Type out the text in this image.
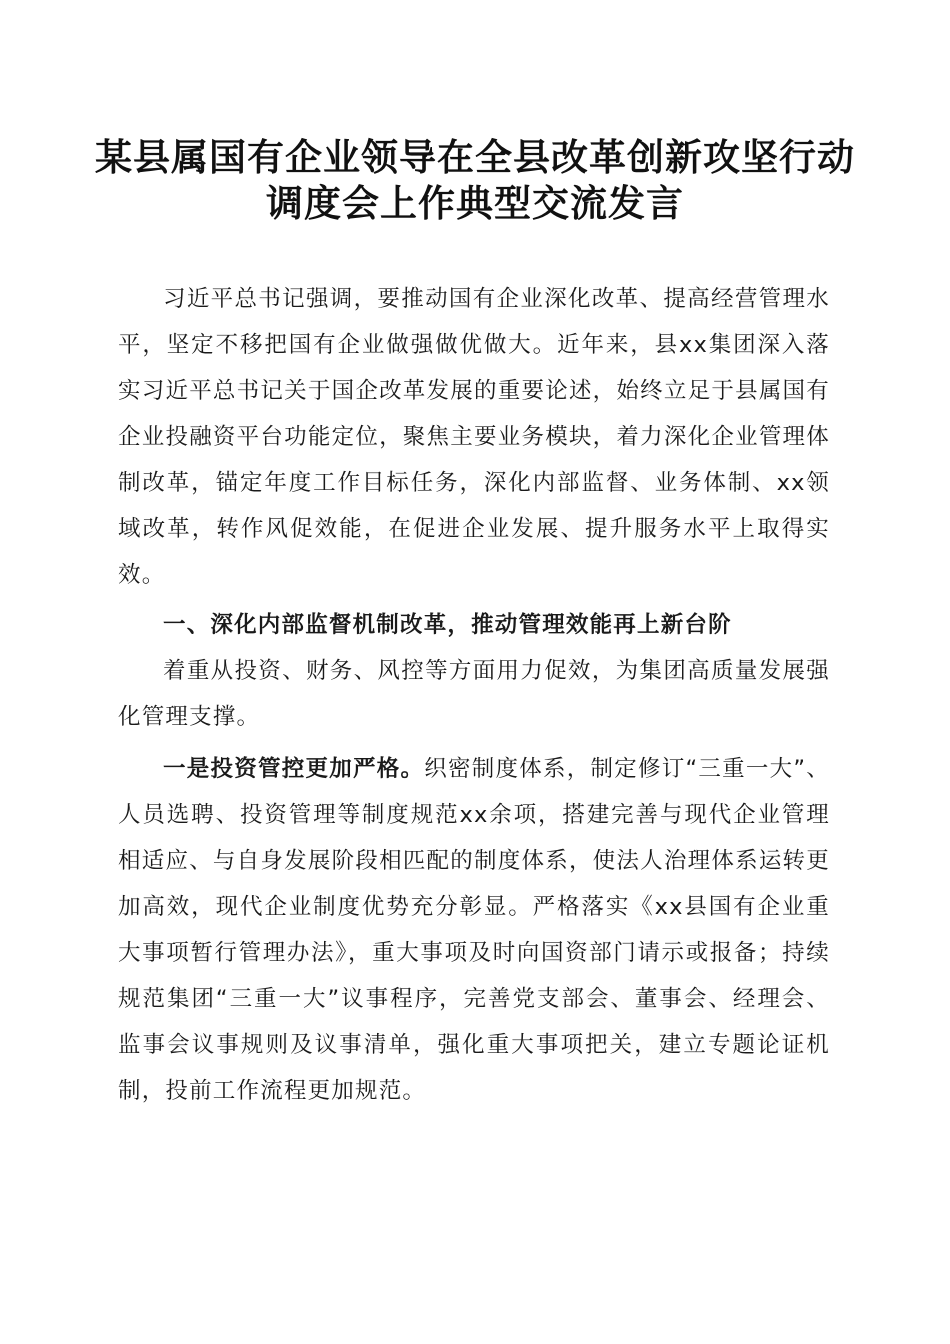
某县属国有企业领导在全县改革创新攻坚行动
调度会上作典型交流发言

习近平总书记强调，要推动国有企业深化改革、提高经营管理水平，坚定不移把国有企业做强做优做大。近年来，县xx集团深入落实习近平总书记关于国企改革发展的重要论述，始终立足于县属国有企业投融资平台功能定位，聚焦主要业务模块，着力深化企业管理体制改革，锚定年度工作目标任务，深化内部监督、业务体制、xx领域改革，转作风促效能，在促进企业发展、提升服务水平上取得实效。

一、深化内部监督机制改革，推动管理效能再上新台阶

着重从投资、财务、风控等方面用力促效，为集团高质量发展强化管理支撑。

一是投资管控更加严格。织密制度体系，制定修订“三重一大”、人员选聘、投资管理等制度规范xx余项，搭建完善与现代企业管理相适应、与自身发展阶段相匹配的制度体系，使法人治理体系运转更加高效，现代企业制度优势充分彰显。严格落实《xx县国有企业重大事项暂行管理办法》，重大事项及时向国资部门请示或报备；持续规范集团“三重一大”议事程序，完善党支部会、董事会、经理会、监事会议事规则及议事清单，强化重大事项把关，建立专题论证机制，投前工作流程更加规范。
